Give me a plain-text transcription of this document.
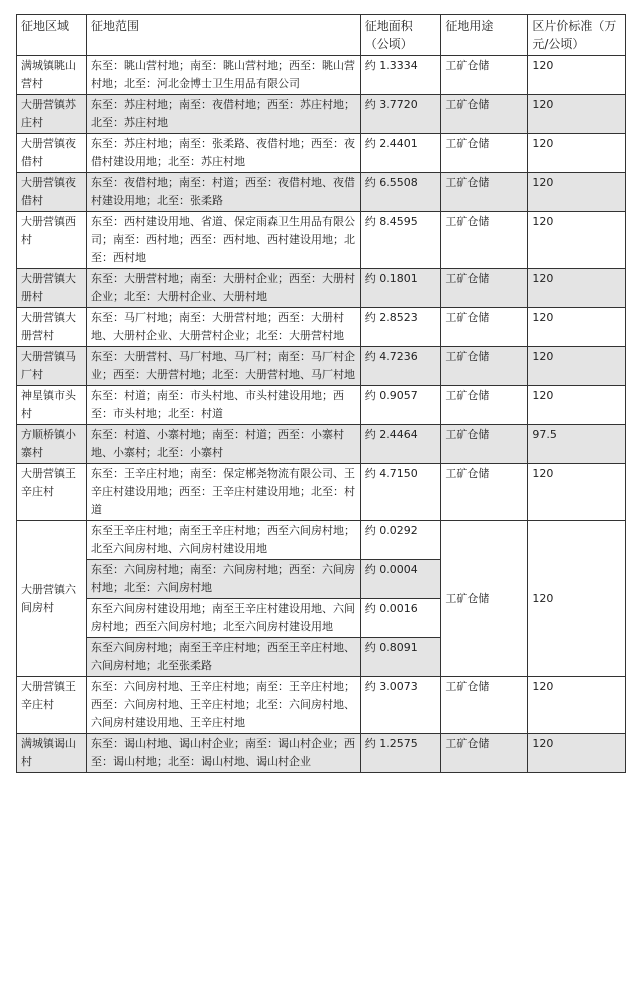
征地区域	征地范围	征地面积（公顷）	征地用途	区片价标准（万元/公顷）
满城镇眺山营村	东至：眺山营村地；南至：眺山营村地；西至：眺山营村地；北至：河北金博士卫生用品有限公司	约 1.3334	工矿仓储	120
大册营镇苏庄村	东至：苏庄村地；南至：夜借村地；西至：苏庄村地；北至：苏庄村地	约 3.7720	工矿仓储	120
大册营镇夜借村	东至：苏庄村地；南至：张柔路、夜借村地；西至：夜借村建设用地；北至：苏庄村地	约 2.4401	工矿仓储	120
大册营镇夜借村	东至：夜借村地；南至：村道；西至：夜借村地、夜借村建设用地；北至：张柔路	约 6.5508	工矿仓储	120
大册营镇西村	东至：西村建设用地、省道、保定雨森卫生用品有限公司；南至：西村地；西至：西村地、西村建设用地；北至：西村地	约 8.4595	工矿仓储	120
大册营镇大册村	东至：大册营村地；南至：大册村企业；西至：大册村企业；北至：大册村企业、大册村地	约 0.1801	工矿仓储	120
大册营镇大册营村	东至：马厂村地；南至：大册营村地；西至：大册村地、大册村企业、大册营村企业；北至：大册营村地	约 2.8523	工矿仓储	120
大册营镇马厂村	东至：大册营村、马厂村地、马厂村；南至：马厂村企业；西至：大册营村地；北至：大册营村地、马厂村地	约 4.7236	工矿仓储	120
神星镇市头村	东至：村道；南至：市头村地、市头村建设用地；西至：市头村地；北至：村道	约 0.9057	工矿仓储	120
方顺桥镇小寨村	东至：村道、小寨村地；南至：村道；西至：小寨村地、小寨村；北至：小寨村	约 2.4464	工矿仓储	97.5
大册营镇王辛庄村	东至：王辛庄村地；南至：保定郴尧物流有限公司、王辛庄村建设用地；西至：王辛庄村建设用地；北至：村道	约 4.7150	工矿仓储	120
大册营镇六间房村	东至王辛庄村地；南至王辛庄村地；西至六间房村地；北至六间房村地、六间房村建设用地	约 0.0292	工矿仓储	120
	东至：六间房村地；南至：六间房村地；西至：六间房村地；北至：六间房村地	约 0.0004		
	东至六间房村建设用地；南至王辛庄村建设用地、六间房村地；西至六间房村地；北至六间房村建设用地	约 0.0016		
	东至六间房村地；南至王辛庄村地；西至王辛庄村地、六间房村地；北至张柔路	约 0.8091		
大册营镇王辛庄村	东至：六间房村地、王辛庄村地；南至：王辛庄村地；西至：六间房村地、王辛庄村地；北至：六间房村地、六间房村建设用地、王辛庄村地	约 3.0073	工矿仓储	120
满城镇谒山村	东至：谒山村地、谒山村企业；南至：谒山村企业；西至：谒山村地；北至：谒山村地、谒山村企业	约 1.2575	工矿仓储	120
